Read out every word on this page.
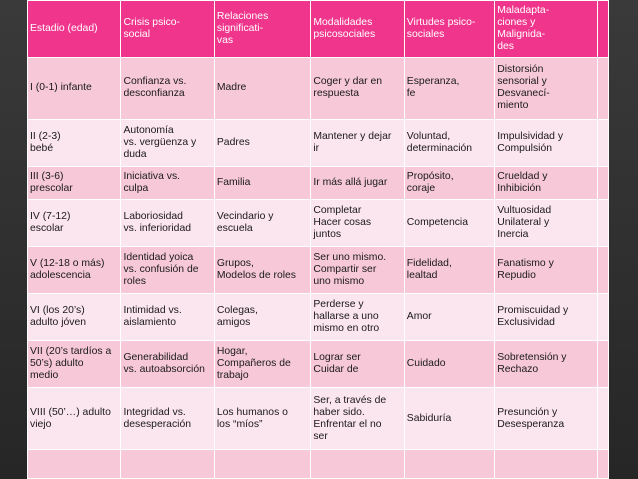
Estadio (edad)	Crisis psico-
social	Relaciones
significati-
vas	Modalidades
psicosociales	Virtudes psico-
sociales	Maladapta-
ciones y
Malignida-
des	

I (0-1) infante	Confianza vs.
desconfianza	Madre	Coger y dar en
respuesta	Esperanza,
fe	Distorsión
sensorial y
Desvanecí-
miento	

II (2-3)
bebé	Autonomía
vs. vergüenza y
duda	Padres	Mantener y dejar
ir	Voluntad,
determinación	Impulsividad y
Compulsión	

III (3-6)
prescolar	Iniciativa vs.
culpa	Familia	Ir más allá jugar	Propósito,
coraje	Crueldad y
Inhibición	

IV (7-12)
escolar	Laboriosidad
vs. inferioridad	Vecindario y
escuela	Completar
Hacer cosas
juntos	Competencia	Vultuosidad
Unilateral y
Inercia	

V (12-18 o más)
adolescencia	Identidad yoica
vs. confusión de
roles	Grupos,
Modelos de roles	Ser uno mismo.
Compartir ser
uno mismo	Fidelidad,
lealtad	Fanatismo y
Repudio	

VI (los 20’s)
adulto jóven	Intimidad vs.
aislamiento	Colegas,
amigos	Perderse y
hallarse a uno
mismo en otro	Amor	Promiscuidad y
Exclusividad	

VII (20’s tardíos a
50’s) adulto
medio	Generabilidad
vs. autoabsorción	Hogar,
Compañeros de
trabajo	Lograr ser
Cuidar de	Cuidado	Sobretensión y
Rechazo	

VIII (50’…) adulto
viejo	Integridad vs.
desesperación	Los humanos o
los “míos”	Ser, a través de
haber sido.
Enfrentar el no
ser	Sabiduría	Presunción y
Desesperanza	
